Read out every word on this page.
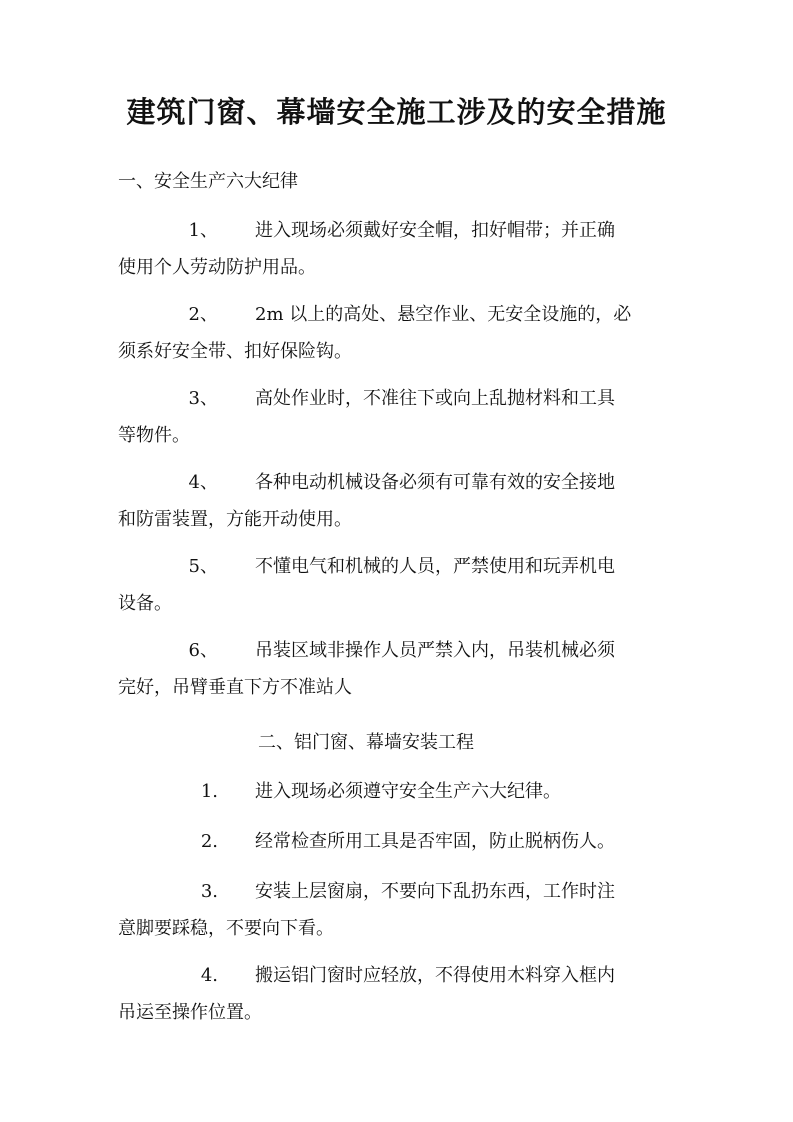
建筑门窗、幕墙安全施工涉及的安全措施
一、安全生产六大纪律
1、 进入现场必须戴好安全帽，扣好帽带；并正确
使用个人劳动防护用品。
2、 2m 以上的高处、悬空作业、无安全设施的，必
须系好安全带、扣好保险钩。
3、 高处作业时，不准往下或向上乱抛材料和工具
等物件。
4、 各种电动机械设备必须有可靠有效的安全接地
和防雷装置，方能开动使用。
5、 不懂电气和机械的人员，严禁使用和玩弄机电
设备。
6、 吊装区域非操作人员严禁入内，吊装机械必须
完好，吊臂垂直下方不准站人
二、铝门窗、幕墙安装工程
1. 进入现场必须遵守安全生产六大纪律。
2. 经常检查所用工具是否牢固，防止脱柄伤人。
3. 安装上层窗扇，不要向下乱扔东西，工作时注
意脚要踩稳，不要向下看。
4. 搬运铝门窗时应轻放，不得使用木料穿入框内
吊运至操作位置。
